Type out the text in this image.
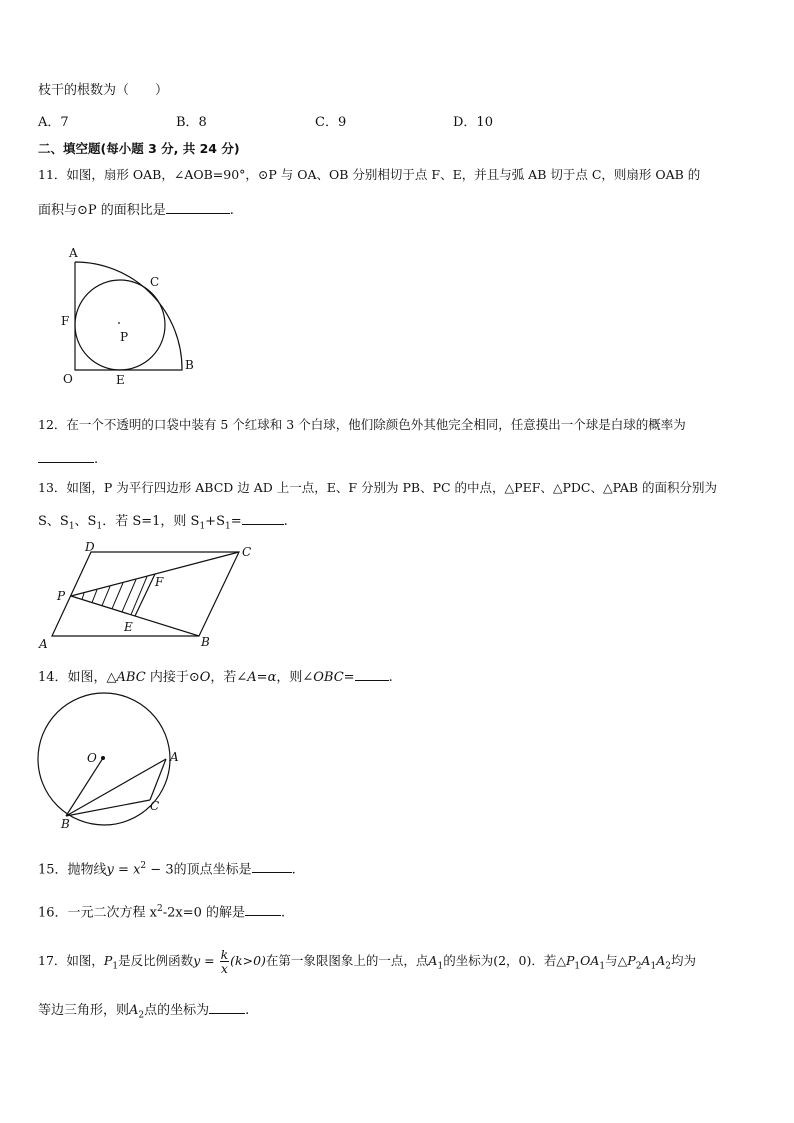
枝干的根数为（　　）
A．7	B．8	C．9	D．10
二、填空题(每小题 3 分, 共 24 分)
11．如图，扇形 OAB，∠AOB=90°，⊙P 与 OA、OB 分别相切于点 F、E，并且与弧 AB 切于点 C，则扇形 OAB 的
面积与⊙P 的面积比是	.
A
C
F
P
O	E
B
12．在一个不透明的口袋中装有 5 个红球和 3 个白球，他们除颜色外其他完全相同，任意摸出一个球是白球的概率为
.
13．如图，P 为平行四边形 ABCD 边 AD 上一点，E、F 分别为 PB、PC 的中点，△PEF、△PDC、△PAB 的面积分别为
S、$S_1$、$S_1$．若 S=1，则 $S_1+S_1=$	.
D	C
F
P
E
A	B
14．如图，△ABC 内接于⊙O，若∠A=α，则∠OBC=	.
O	A
B
C
15．抛物线$y = x^2 - 3$的顶点坐标是	.
16．一元二次方程 $x^2-2x=0$ 的解是	.
17．如图，$P_1$是反比例函数$y = \frac{k}{x} (k>0)$在第一象限图象上的一点，点$A_1$的坐标为(2，0)．若$\triangle P_1OA_1$与$\triangle P_2A_1A_2$均为
等边三角形，则$A_2$点的坐标为	.
